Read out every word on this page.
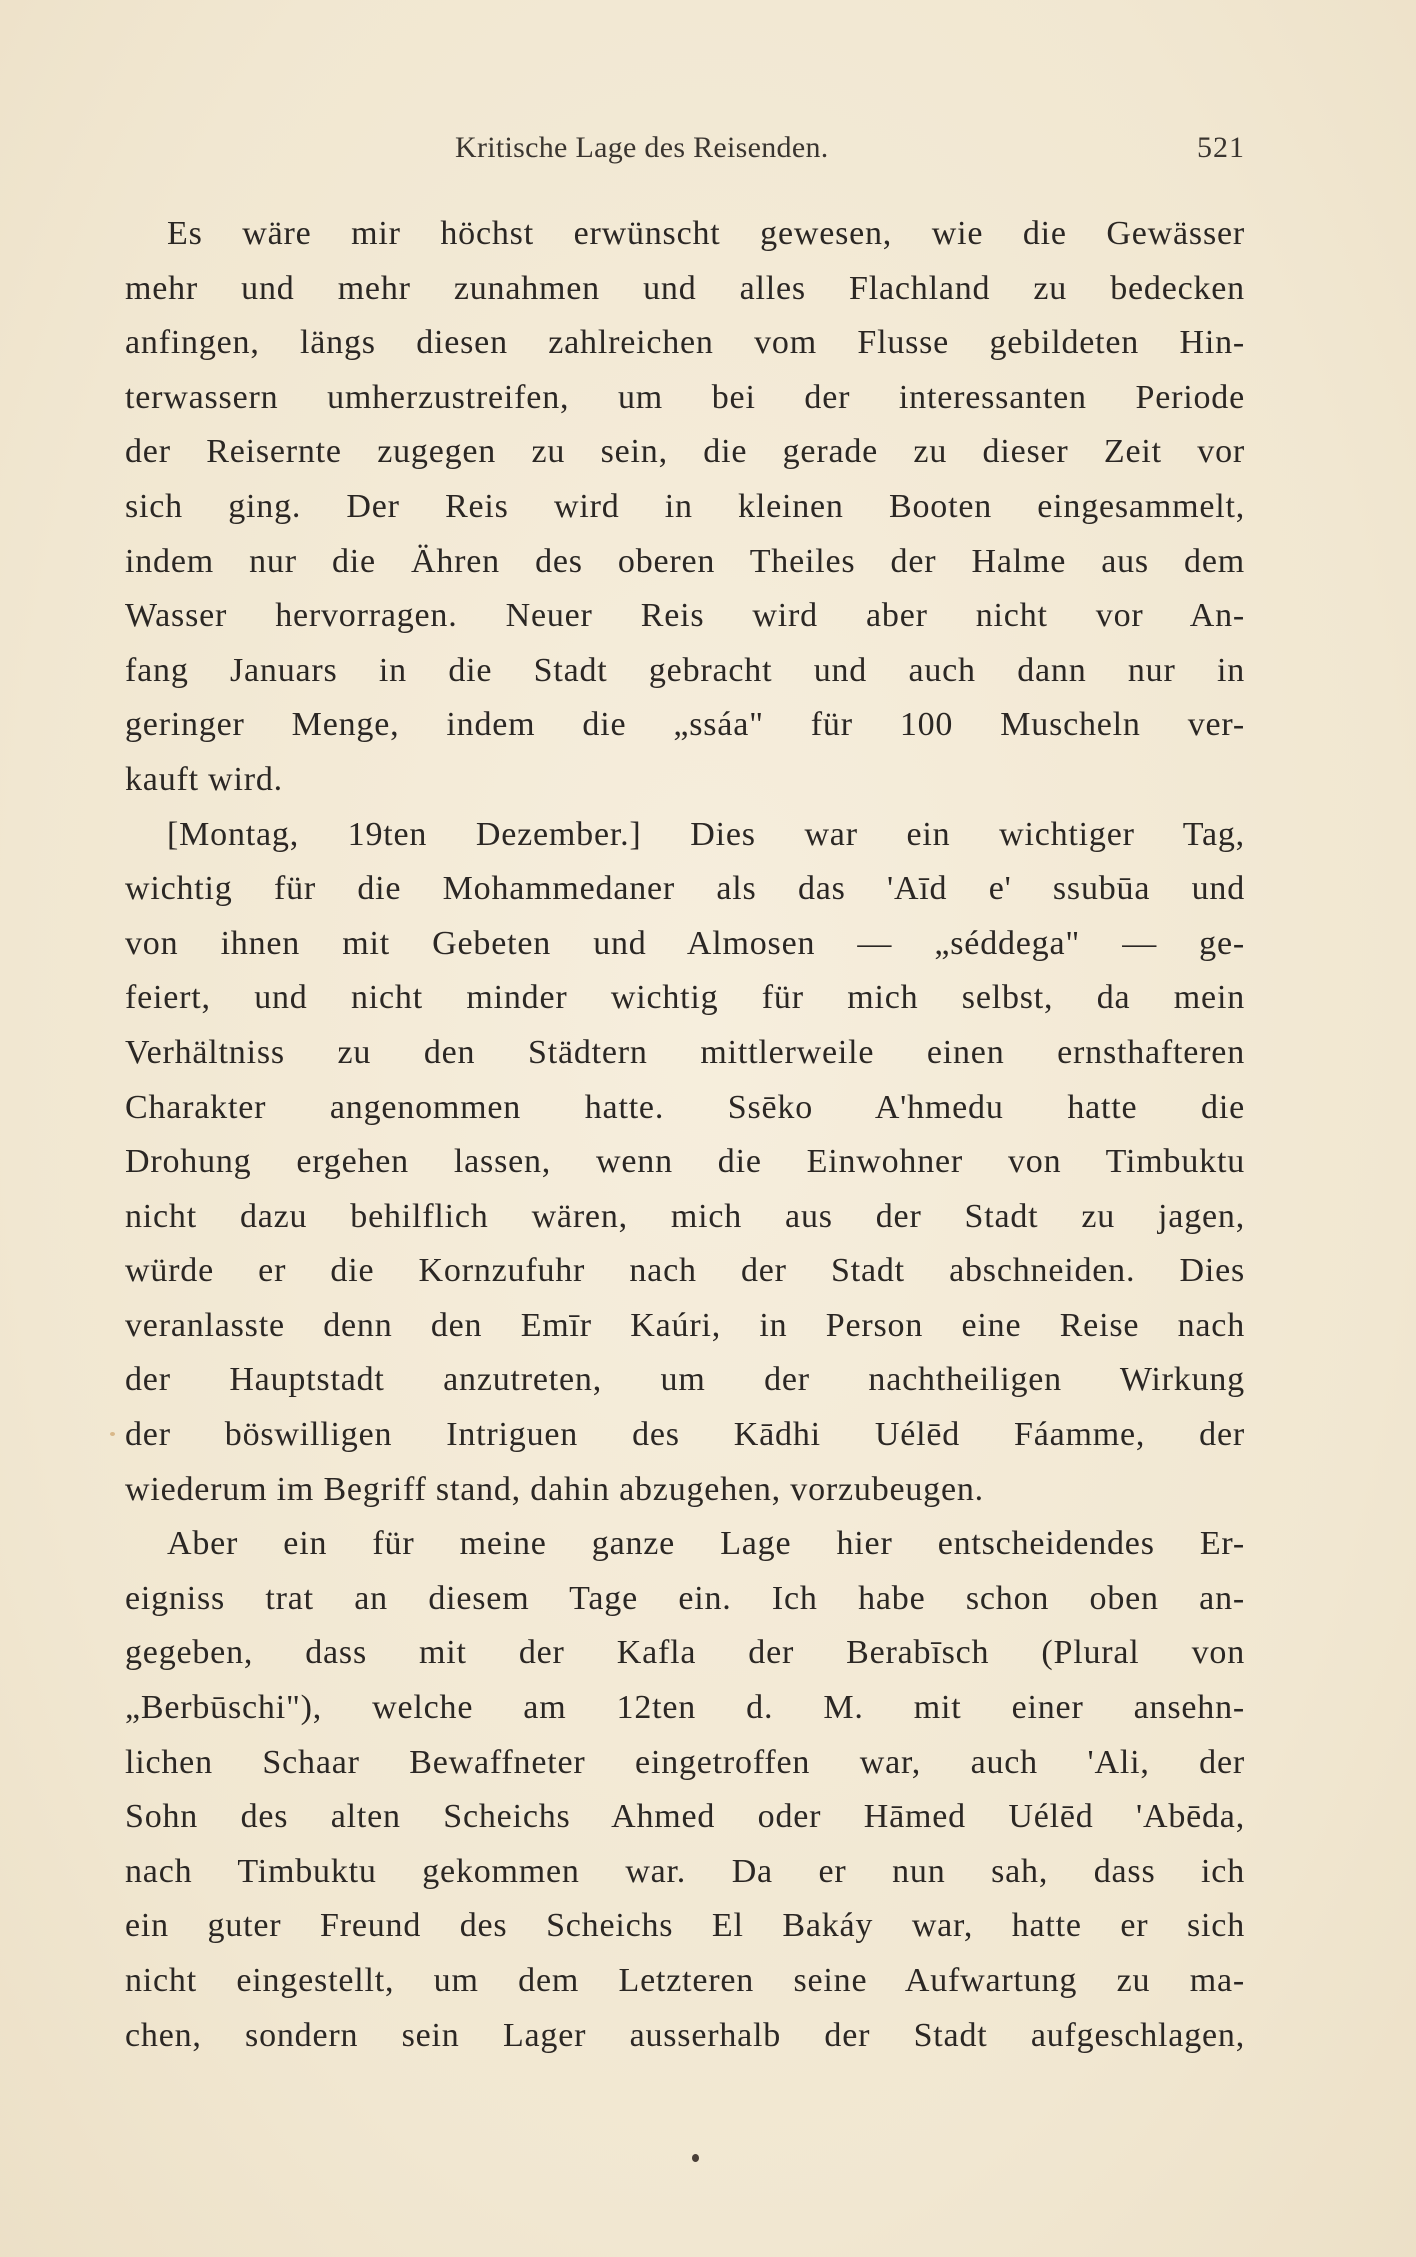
Kritische Lage des Reisenden.	521
Es wäre mir höchst erwünscht gewesen, wie die Gewässer
mehr und mehr zunahmen und alles Flachland zu bedecken
anfingen, längs diesen zahlreichen vom Flusse gebildeten Hin-
terwassern umherzustreifen, um bei der interessanten Periode
der Reisernte zugegen zu sein, die gerade zu dieser Zeit vor
sich ging. Der Reis wird in kleinen Booten eingesammelt,
indem nur die Ähren des oberen Theiles der Halme aus dem
Wasser hervorragen. Neuer Reis wird aber nicht vor An-
fang Januars in die Stadt gebracht und auch dann nur in
geringer Menge, indem die „ssáa" für 100 Muscheln ver-
kauft wird.
[Montag, 19ten Dezember.] Dies war ein wichtiger Tag,
wichtig für die Mohammedaner als das 'Aīd e' ssubūa und
von ihnen mit Gebeten und Almosen — „séddega" — ge-
feiert, und nicht minder wichtig für mich selbst, da mein
Verhältniss zu den Städtern mittlerweile einen ernsthafteren
Charakter angenommen hatte. Ssēko A'hmedu hatte die
Drohung ergehen lassen, wenn die Einwohner von Timbuktu
nicht dazu behilflich wären, mich aus der Stadt zu jagen,
würde er die Kornzufuhr nach der Stadt abschneiden. Dies
veranlasste denn den Emīr Kaúri, in Person eine Reise nach
der Hauptstadt anzutreten, um der nachtheiligen Wirkung
der böswilligen Intriguen des Kādhi Uélēd Fáamme, der
wiederum im Begriff stand, dahin abzugehen, vorzubeugen.
Aber ein für meine ganze Lage hier entscheidendes Er-
eigniss trat an diesem Tage ein. Ich habe schon oben an-
gegeben, dass mit der Kafla der Berabīsch (Plural von
„Berbūschi"), welche am 12ten d. M. mit einer ansehn-
lichen Schaar Bewaffneter eingetroffen war, auch 'Ali, der
Sohn des alten Scheichs Ahmed oder Hāmed Uélēd 'Abēda,
nach Timbuktu gekommen war. Da er nun sah, dass ich
ein guter Freund des Scheichs El Bakáy war, hatte er sich
nicht eingestellt, um dem Letzteren seine Aufwartung zu ma-
chen, sondern sein Lager ausserhalb der Stadt aufgeschlagen,
